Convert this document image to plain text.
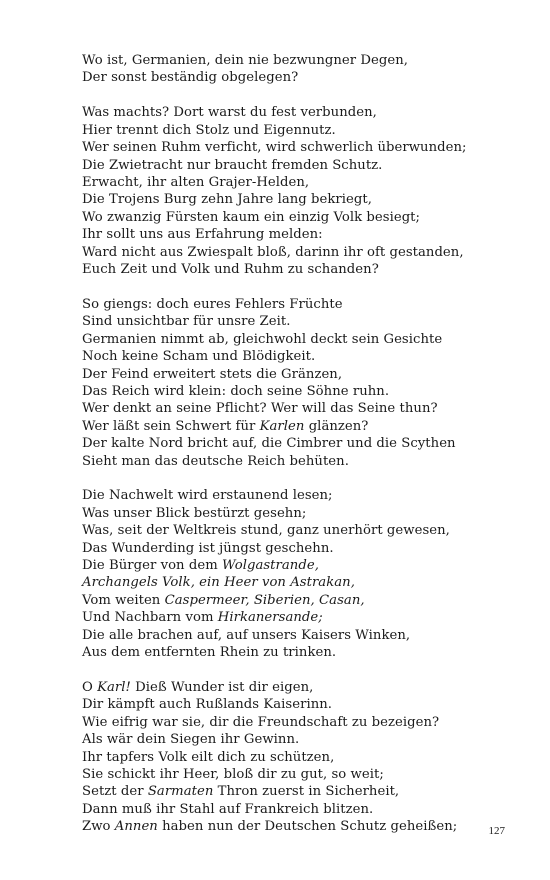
Wo ist, Germanien, dein nie bezwungner Degen,
Der sonst beständig obgelegen?
Was machts? Dort warst du fest verbunden,
Hier trennt dich Stolz und Eigennutz.
Wer seinen Ruhm verficht, wird schwerlich überwunden;
Die Zwietracht nur braucht fremden Schutz.
Erwacht, ihr alten Grajer-Helden,
Die Trojens Burg zehn Jahre lang bekriegt,
Wo zwanzig Fürsten kaum ein einzig Volk besiegt;
Ihr sollt uns aus Erfahrung melden:
Ward nicht aus Zwiespalt bloß, darinn ihr oft gestanden,
Euch Zeit und Volk und Ruhm zu schanden?
So giengs: doch eures Fehlers Früchte
Sind unsichtbar für unsre Zeit.
Germanien nimmt ab, gleichwohl deckt sein Gesichte
Noch keine Scham und Blödigkeit.
Der Feind erweitert stets die Gränzen,
Das Reich wird klein: doch seine Söhne ruhn.
Wer denkt an seine Pflicht? Wer will das Seine thun?
Wer läßt sein Schwert für Karlen glänzen?
Der kalte Nord bricht auf, die Cimbrer und die Scythen
Sieht man das deutsche Reich behüten.
Die Nachwelt wird erstaunend lesen;
Was unser Blick bestürzt gesehn;
Was, seit der Weltkreis stund, ganz unerhört gewesen,
Das Wunderding ist jüngst geschehn.
Die Bürger von dem Wolgastrande,
Archangels Volk, ein Heer von Astrakan,
Vom weiten Caspermeer, Siberien, Casan,
Und Nachbarn vom Hirkanersande;
Die alle brachen auf, auf unsers Kaisers Winken,
Aus dem entfernten Rhein zu trinken.
O Karl! Dieß Wunder ist dir eigen,
Dir kämpft auch Rußlands Kaiserinn.
Wie eifrig war sie, dir die Freundschaft zu bezeigen?
Als wär dein Siegen ihr Gewinn.
Ihr tapfers Volk eilt dich zu schützen,
Sie schickt ihr Heer, bloß dir zu gut, so weit;
Setzt der Sarmaten Thron zuerst in Sicherheit,
Dann muß ihr Stahl auf Frankreich blitzen.
Zwo Annen haben nun der Deutschen Schutz geheißen;	127
